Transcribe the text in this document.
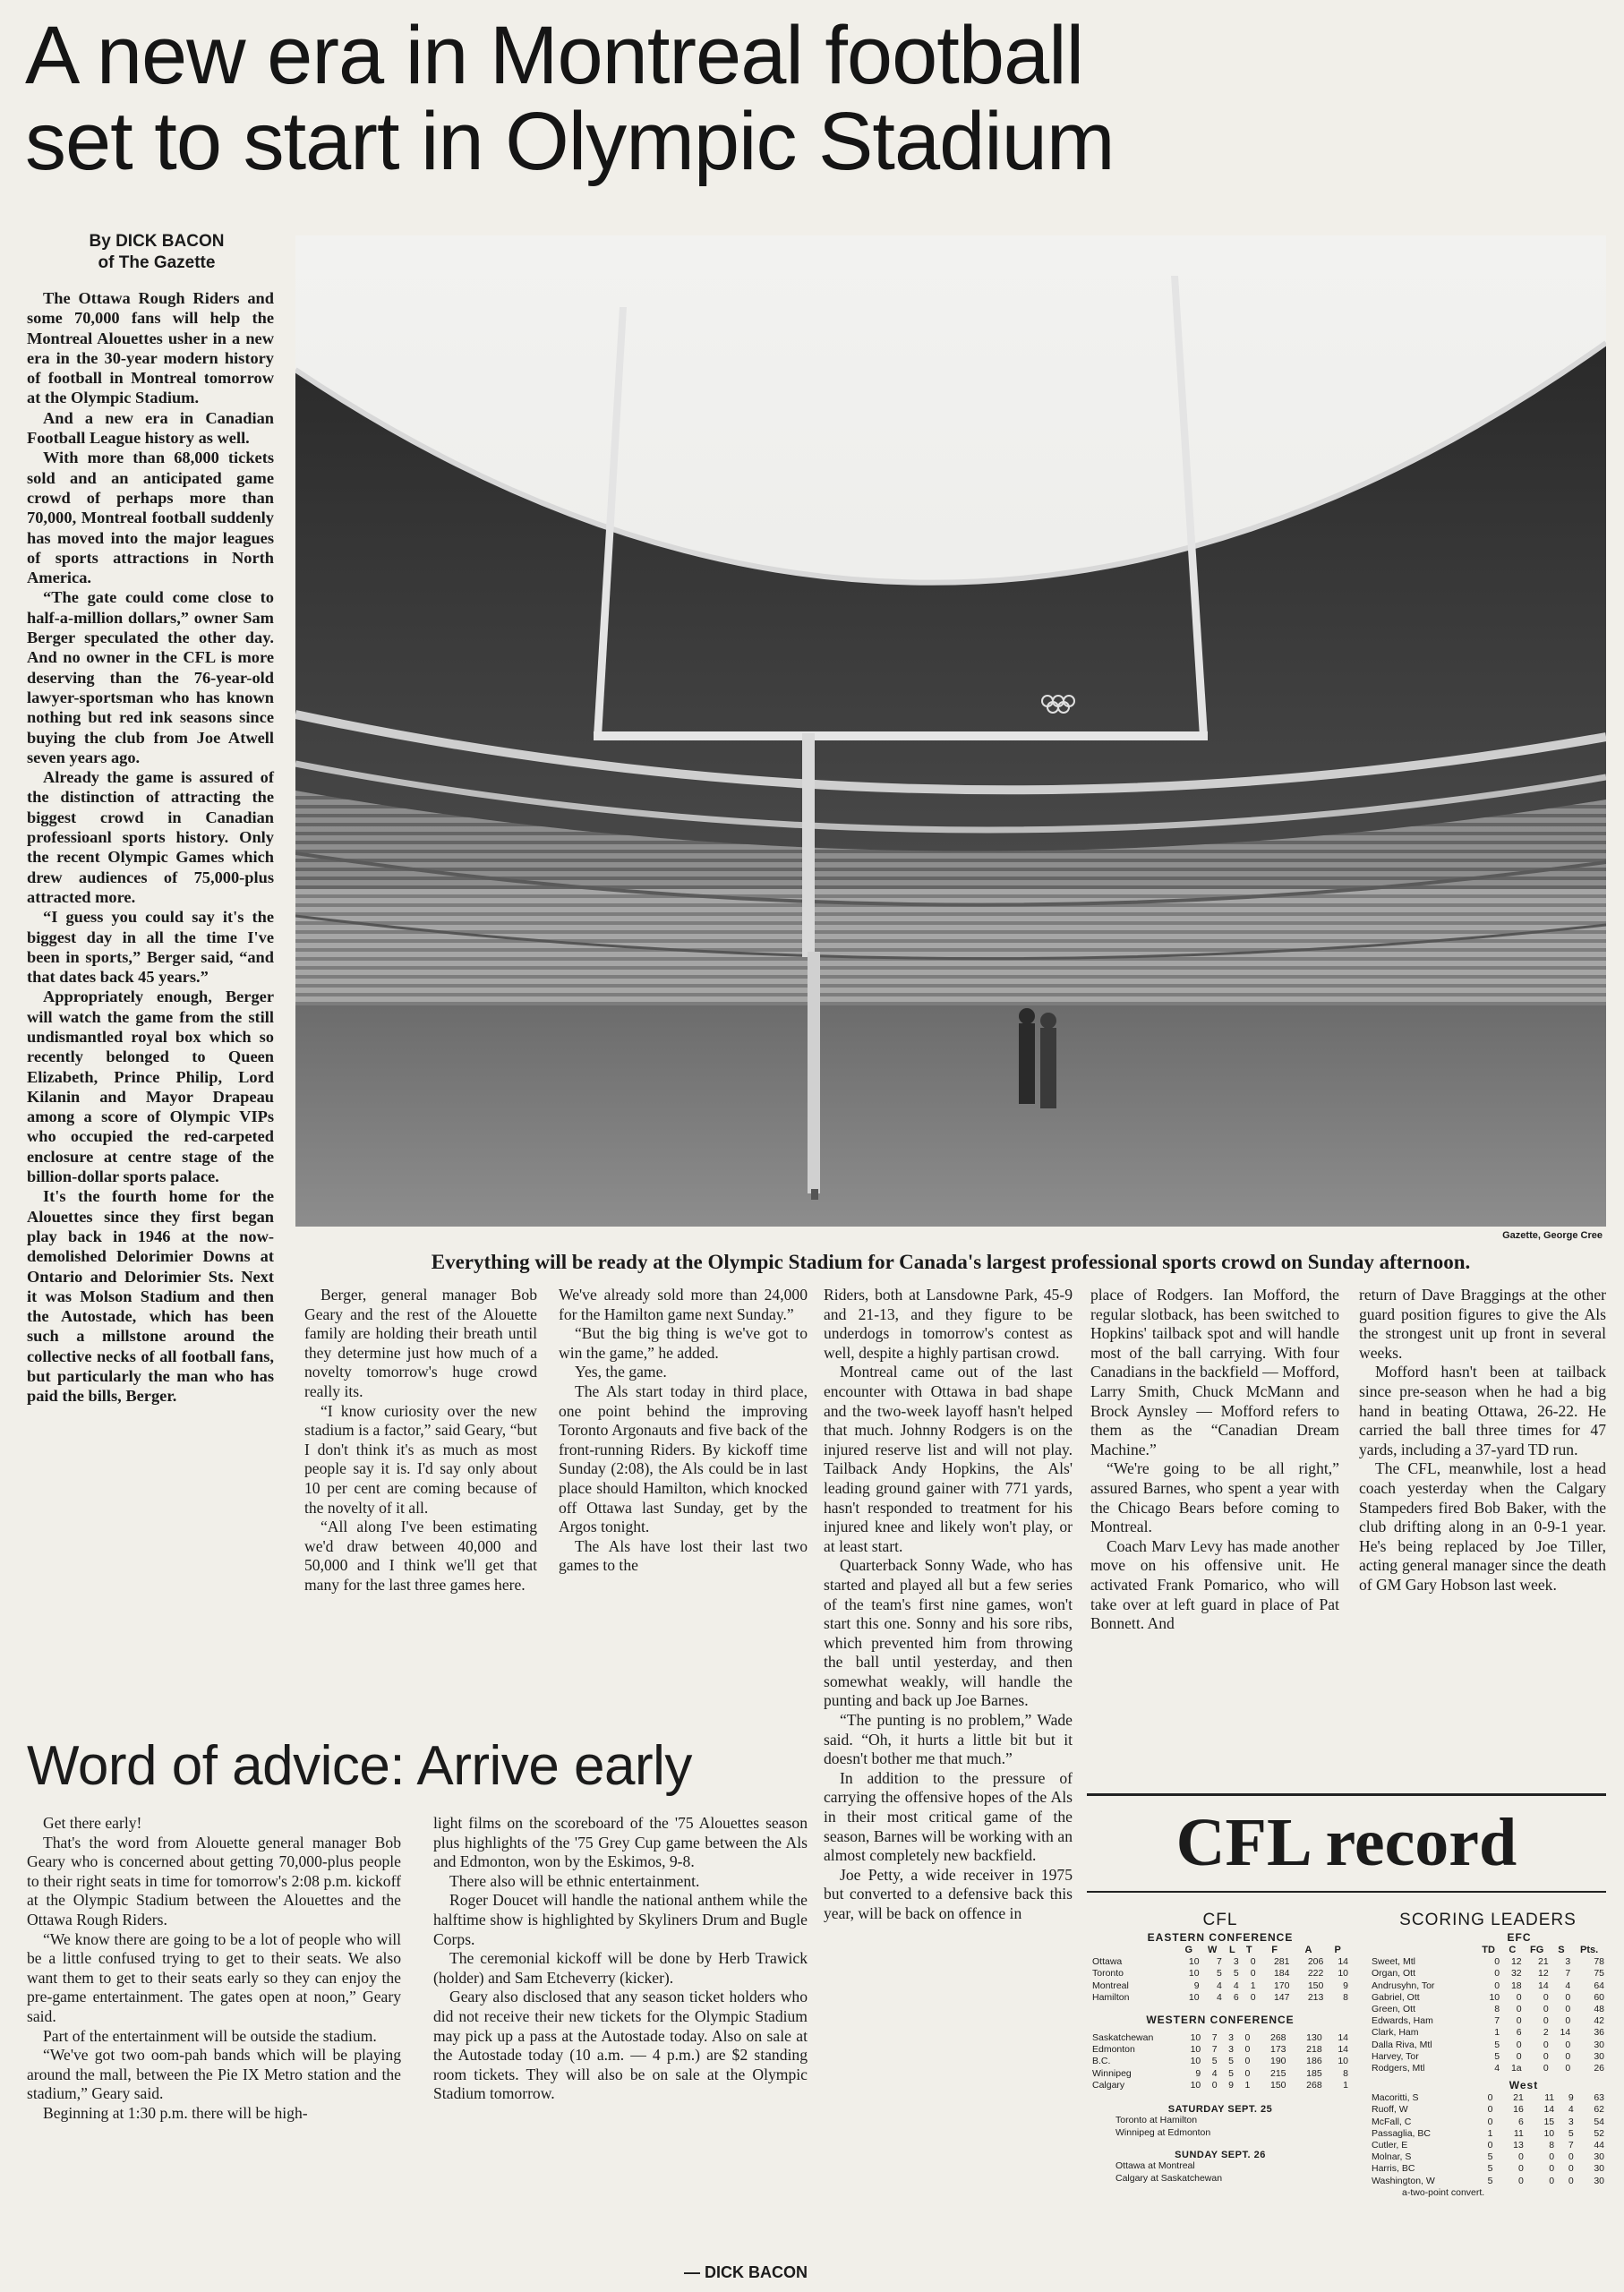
A new era in Montreal football
set to start in Olympic Stadium
By DICK BACON
of The Gazette

The Ottawa Rough Riders and some 70,000 fans will help the Montreal Alouettes usher in a new era in the 30-year modern history of football in Montreal tomorrow at the Olympic Stadium.

And a new era in Canadian Football League history as well.

With more than 68,000 tickets sold and an anticipated game crowd of perhaps more than 70,000, Montreal football suddenly has moved into the major leagues of sports attractions in North America.

“The gate could come close to half-a-million dollars,” owner Sam Berger speculated the other day. And no owner in the CFL is more deserving than the 76-year-old lawyer-sportsman who has known nothing but red ink seasons since buying the club from Joe Atwell seven years ago.

Already the game is assured of the distinction of attracting the biggest crowd in Canadian professioanl sports history. Only the recent Olympic Games which drew audiences of 75,000-plus attracted more.

“I guess you could say it's the biggest day in all the time I've been in sports,” Berger said, “and that dates back 45 years.”

Appropriately enough, Berger will watch the game from the still undismantled royal box which so recently belonged to Queen Elizabeth, Prince Philip, Lord Kilanin and Mayor Drapeau among a score of Olympic VIPs who occupied the red-carpeted enclosure at centre stage of the billion-dollar sports palace.

It's the fourth home for the Alouettes since they first began play back in 1946 at the now-demolished Delorimier Downs at Ontario and Delorimier Sts. Next it was Molson Stadium and then the Autostade, which has been such a millstone around the collective necks of all football fans, but particularly the man who has paid the bills, Berger.

Gazette, George Cree
Everything will be ready at the Olympic Stadium for Canada's largest professional sports crowd on Sunday afternoon.

Berger, general manager Bob Geary and the rest of the Alouette family are holding their breath until they determine just how much of a novelty tomorrow's huge crowd really its.

“I know curiosity over the new stadium is a factor,” said Geary, “but I don't think it's as much as most people say it is. I'd say only about 10 per cent are coming because of the novelty of it all.

“All along I've been estimating we'd draw between 40,000 and 50,000 and I think we'll get that many for the last three games here.

We've already sold more than 24,000 for the Hamilton game next Sunday.”

“But the big thing is we've got to win the game,” he added.

Yes, the game.

The Als start today in third place, one point behind the improving Toronto Argonauts and five back of the front-running Riders. By kickoff time Sunday (2:08), the Als could be in last place should Hamilton, which knocked off Ottawa last Sunday, get by the Argos tonight.

The Als have lost their last two games to the

Riders, both at Lansdowne Park, 45-9 and 21-13, and they figure to be underdogs in tomorrow's contest as well, despite a highly partisan crowd.

Montreal came out of the last encounter with Ottawa in bad shape and the two-week layoff hasn't helped that much. Johnny Rodgers is on the injured reserve list and will not play. Tailback Andy Hopkins, the Als' leading ground gainer with 771 yards, hasn't responded to treatment for his injured knee and likely won't play, or at least start.

Quarterback Sonny Wade, who has started and played all but a few series of the team's first nine games, won't start this one. Sonny and his sore ribs, which prevented him from throwing the ball until yesterday, and then somewhat weakly, will handle the punting and back up Joe Barnes.

“The punting is no problem,” Wade said. “Oh, it hurts a little bit but it doesn't bother me that much.”

In addition to the pressure of carrying the offensive hopes of the Als in their most critical game of the season, Barnes will be working with an almost completely new backfield.

Joe Petty, a wide receiver in 1975 but converted to a defensive back this year, will be back on offence in

place of Rodgers. Ian Mofford, the regular slotback, has been switched to Hopkins' tailback spot and will handle most of the ball carrying. With four Canadians in the backfield — Mofford, Larry Smith, Chuck McMann and Brock Aynsley — Mofford refers to them as the “Canadian Dream Machine.”

“We're going to be all right,” assured Barnes, who spent a year with the Chicago Bears before coming to Montreal.

Coach Marv Levy has made another move on his offensive unit. He activated Frank Pomarico, who will take over at left guard in place of Pat Bonnett. And

return of Dave Braggings at the other guard position figures to give the Als the strongest unit up front in several weeks.

Mofford hasn't been at tailback since pre-season when he had a big hand in beating Ottawa, 26-22. He carried the ball three times for 47 yards, including a 37-yard TD run.

The CFL, meanwhile, lost a head coach yesterday when the Calgary Stampeders fired Bob Baker, with the club drifting along in an 0-9-1 year. He's being replaced by Joe Tiller, acting general manager since the death of GM Gary Hobson last week.

Word of advice: Arrive early

Get there early!

That's the word from Alouette general manager Bob Geary who is concerned about getting 70,000-plus people to their right seats in time for tomorrow's 2:08 p.m. kickoff at the Olympic Stadium between the Alouettes and the Ottawa Rough Riders.

“We know there are going to be a lot of people who will be a little confused trying to get to their seats. We also want them to get to their seats early so they can enjoy the pre-game entertainment. The gates open at noon,” Geary said.

Part of the entertainment will be outside the stadium.

“We've got two oom-pah bands which will be playing around the mall, between the Pie IX Metro station and the stadium,” Geary said.

Beginning at 1:30 p.m. there will be high-

light films on the scoreboard of the '75 Alouettes season plus highlights of the '75 Grey Cup game between the Als and Edmonton, won by the Eskimos, 9-8.

There also will be ethnic entertainment.

Roger Doucet will handle the national anthem while the halftime show is highlighted by Skyliners Drum and Bugle Corps.

The ceremonial kickoff will be done by Herb Trawick (holder) and Sam Etcheverry (kicker).

Geary also disclosed that any season ticket holders who did not receive their new tickets for the Olympic Stadium may pick up a pass at the Autostade today. Also on sale at the Autostade today (10 a.m. — 4 p.m.) are $2 standing room tickets. They will also be on sale at the Olympic Stadium tomorrow.

— DICK BACON
CFL record
CFL
EASTERN CONFERENCE
	G	W	L	T	F	A	P
Ottawa	10	7	3	0	281	206	14
Toronto	10	5	5	0	184	222	10
Montreal	9	4	4	1	170	150	9
Hamilton	10	4	6	0	147	213	8
WESTERN CONFERENCE

Saskatchewan	10	7	3	0	268	130	14
Edmonton	10	7	3	0	173	218	14
B.C.	10	5	5	0	190	186	10
Winnipeg	9	4	5	0	215	185	8
Calgary	10	0	9	1	150	268	1
SATURDAY SEPT. 25
Toronto at Hamilton
Winnipeg at Edmonton
SUNDAY SEPT. 26
Ottawa at Montreal
Calgary at Saskatchewan
SCORING LEADERS
EFC
	TD	C	FG	S	Pts.
Sweet, Mtl	0	12	21	3	78
Organ, Ott	0	32	12	7	75
Andrusyhn, Tor	0	18	14	4	64
Gabriel, Ott	10	0	0	0	60
Green, Ott	8	0	0	0	48
Edwards, Ham	7	0	0	0	42
Clark, Ham	1	6	2	14	36
Dalla Riva, Mtl	5	0	0	0	30
Harvey, Tor	5	0	0	0	30
Rodgers, Mtl	4	1a	0	0	26
West

Macoritti, S	0	21	11	9	63
Ruoff, W	0	16	14	4	62
McFall, C	0	6	15	3	54
Passaglia, BC	1	11	10	5	52
Cutler, E	0	13	8	7	44
Molnar, S	5	0	0	0	30
Harris, BC	5	0	0	0	30
Washington, W	5	0	0	0	30
a-two-point convert.
